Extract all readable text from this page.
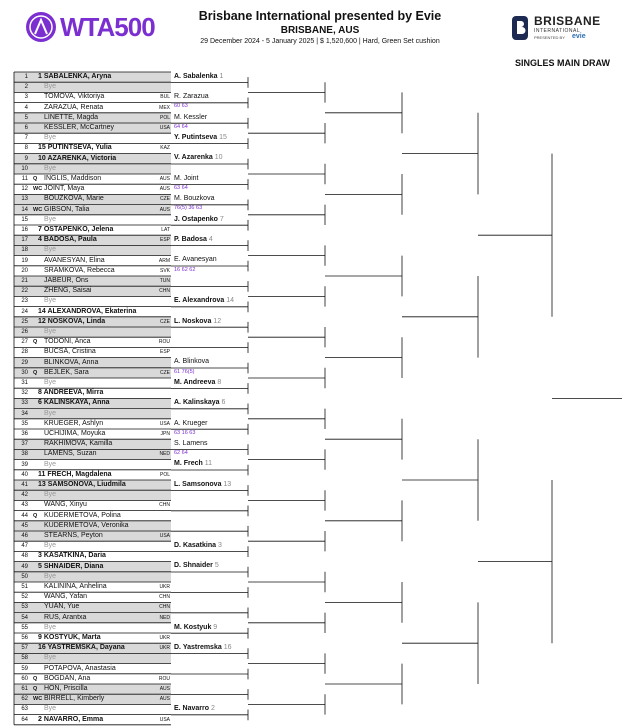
WTA500	Brisbane International presented by Evie
BRISBANE, AUS
29 December 2024 - 5 January 2025 | $ 1,520,600 | Hard, Green Set cushion
BRISBANE
INTERNATIONAL
PRESENTED BY evie
SINGLES MAIN DRAW
1 1 SABALENKA, Aryna
2 Bye
3 TOMOVA, Viktoriya	BUL
4 ZARAZUA, Renata	MEX
5 LINETTE, Magda	POL
6 KESSLER, McCartney	USA
7 Bye
8 15 PUTINTSEVA, Yulia	KAZ
9 10 AZARENKA, Victoria
10 Bye
11 Q INGLIS, Maddison	AUS
12 WC JOINT, Maya	AUS
13 BOUZKOVA, Marie	CZE
14 WC GIBSON, Talia	AUS
15 Bye
16 7 OSTAPENKO, Jelena	LAT
17 4 BADOSA, Paula	ESP
18 Bye
19 AVANESYAN, Elina	ARM
20 SRAMKOVA, Rebecca	SVK
21 JABEUR, Ons	TUN
22 ZHENG, Saisai	CHN
23 Bye
24 14 ALEXANDROVA, Ekaterina
25 12 NOSKOVA, Linda	CZE
26 Bye
27 Q TODONI, Anca	ROU
28 BUCSA, Cristina	ESP
29 BLINKOVA, Anna
30 Q BEJLEK, Sara	CZE
31 Bye
32 8 ANDREEVA, Mirra
33 6 KALINSKAYA, Anna
34 Bye
35 KRUEGER, Ashlyn	USA
36 UCHIJIMA, Moyuka	JPN
37 RAKHIMOVA, Kamilla
38 LAMENS, Suzan	NED
39 Bye
40 11 FRECH, Magdalena	POL
41 13 SAMSONOVA, Liudmila
42 Bye
43 WANG, Xinyu	CHN
44 Q KUDERMETOVA, Polina
45 KUDERMETOVA, Veronika
46 STEARNS, Peyton	USA
47 Bye
48 3 KASATKINA, Daria
49 5 SHNAIDER, Diana
50 Bye
51 KALININA, Anhelina	UKR
52 WANG, Yafan	CHN
53 YUAN, Yue	CHN
54 RUS, Arantxa	NED
55 Bye
56 9 KOSTYUK, Marta	UKR
57 16 YASTREMSKA, Dayana	UKR
58 Bye
59 POTAPOVA, Anastasia
60 Q BOGDAN, Ana	ROU
61 Q HON, Priscilla	AUS
62 WC BIRRELL, Kimberly	AUS
63 Bye
64 2 NAVARRO, Emma	USA
A. Sabalenka 1
R. Zarazua
60 63
M. Kessler
64 64
Y. Putintseva 15
V. Azarenka 10
M. Joint
63 64
M. Bouzkova
76(5) 36 63
J. Ostapenko 7
P. Badosa 4
E. Avanesyan
16 62 62
E. Alexandrova 14
L. Noskova 12
A. Blinkova
61 76(5)
M. Andreeva 8
A. Kalinskaya 6
A. Krueger
63 16 63
S. Lamens
62 64
M. Frech 11
L. Samsonova 13
D. Kasatkina 3
D. Shnaider 5
M. Kostyuk 9
D. Yastremska 16
E. Navarro 2
